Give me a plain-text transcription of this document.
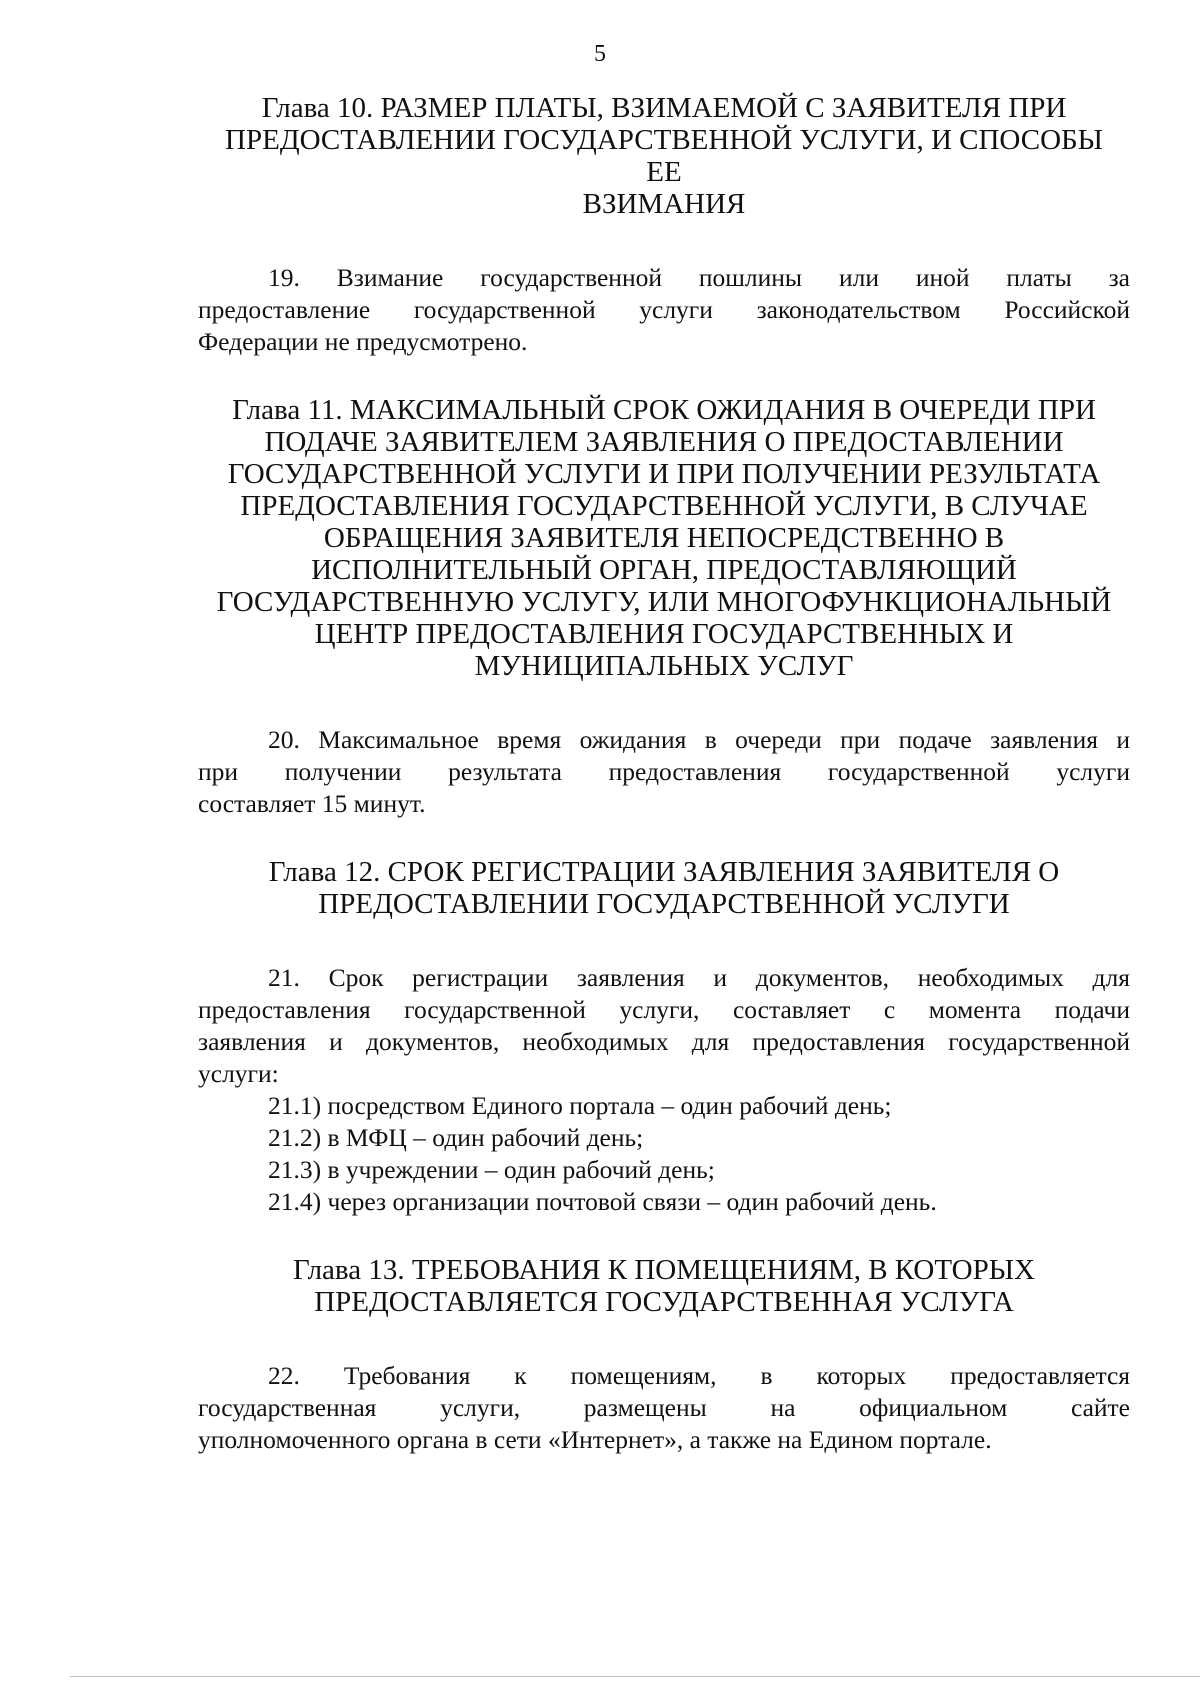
5
Глава 10. РАЗМЕР ПЛАТЫ, ВЗИМАЕМОЙ С ЗАЯВИТЕЛЯ ПРИ
ПРЕДОСТАВЛЕНИИ ГОСУДАРСТВЕННОЙ УСЛУГИ, И СПОСОБЫ ЕЕ
ВЗИМАНИЯ

19. Взимание государственной пошлины или иной платы за
предоставление государственной услуги законодательством Российской
Федерации не предусмотрено.

Глава 11. МАКСИМАЛЬНЫЙ СРОК ОЖИДАНИЯ В ОЧЕРЕДИ ПРИ
ПОДАЧЕ ЗАЯВИТЕЛЕМ ЗАЯВЛЕНИЯ О ПРЕДОСТАВЛЕНИИ
ГОСУДАРСТВЕННОЙ УСЛУГИ И ПРИ ПОЛУЧЕНИИ РЕЗУЛЬТАТА
ПРЕДОСТАВЛЕНИЯ ГОСУДАРСТВЕННОЙ УСЛУГИ, В СЛУЧАЕ
ОБРАЩЕНИЯ ЗАЯВИТЕЛЯ НЕПОСРЕДСТВЕННО В
ИСПОЛНИТЕЛЬНЫЙ ОРГАН, ПРЕДОСТАВЛЯЮЩИЙ
ГОСУДАРСТВЕННУЮ УСЛУГУ, ИЛИ МНОГОФУНКЦИОНАЛЬНЫЙ
ЦЕНТР ПРЕДОСТАВЛЕНИЯ ГОСУДАРСТВЕННЫХ И
МУНИЦИПАЛЬНЫХ УСЛУГ

20. Максимальное время ожидания в очереди при подаче заявления и
при получении результата предоставления государственной услуги
составляет 15 минут.

Глава 12. СРОК РЕГИСТРАЦИИ ЗАЯВЛЕНИЯ ЗАЯВИТЕЛЯ О
ПРЕДОСТАВЛЕНИИ ГОСУДАРСТВЕННОЙ УСЛУГИ

21. Срок регистрации заявления и документов, необходимых для
предоставления государственной услуги, составляет с момента подачи
заявления и документов, необходимых для предоставления государственной
услуги:

21.1) посредством Единого портала – один рабочий день;

21.2) в МФЦ – один рабочий день;

21.3) в учреждении – один рабочий день;

21.4) через организации почтовой связи – один рабочий день.

Глава 13. ТРЕБОВАНИЯ К ПОМЕЩЕНИЯМ, В КОТОРЫХ
ПРЕДОСТАВЛЯЕТСЯ ГОСУДАРСТВЕННАЯ УСЛУГА

22. Требования к помещениям, в которых предоставляется
государственная услуги, размещены на официальном сайте
уполномоченного органа в сети «Интернет», а также на Едином портале.
